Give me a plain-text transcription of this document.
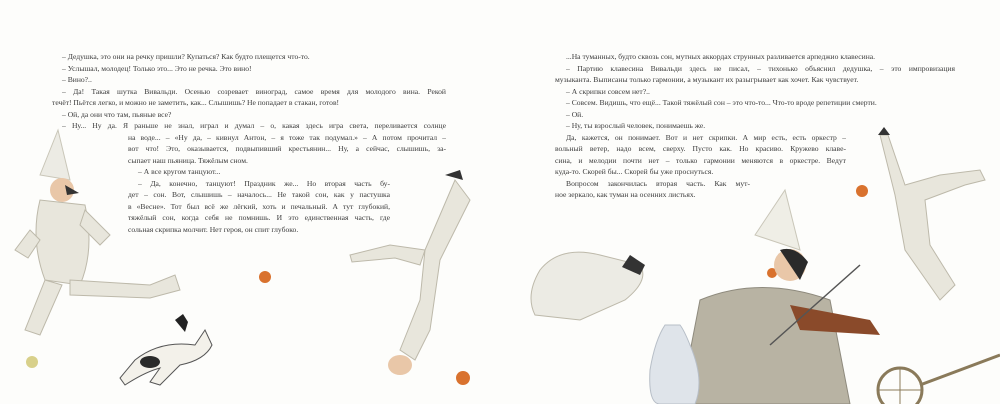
– Дедушка, это они на речку пришли? Купаться? Как будто плещется что-то.
– Услышал, молодец! Только это... Это не речка. Это вино!
– Вино?..
– Да! Такая шутка Вивальди. Осенью созревает виноград, самое время для молодого вина. Рекой
течёт! Пьётся легко, и можно не заметить, как... Слышишь? Не попадает в стакан, готов!
– Ой, да они что там, пьяные все?
– Ну... Ну да. Я раньше не знал, играл и думал – о, какая здесь игра света, переливается солнце
на воде... – «Ну да, – кивнул Антон, – я тоже так подумал.» – А потом прочитал –
вот что! Это, оказывается, подвыпивший крестьянин... Ну, а сейчас, слышишь, за-
сыпает наш пьяница. Тяжёлым сном.
– А все кругом танцуют...
– Да, конечно, танцуют! Праздник же... Но вторая часть бу-
дет – сон. Вот, слышишь – началось... Не такой сон, как у пастушка
в «Весне». Тот был всё же лёгкий, хоть и печальный. А тут глубокий,
тяжёлый сон, когда себя не помнишь. И это единственная часть, где
сольная скрипка молчит. Нет героя, он спит глубоко.
...На туманных, будто сквозь сон, мутных аккордах струнных разливается арпеджио клавесина.
– Партию клавесина Вивальди здесь не писал, – тихонько объяснил дедушка, – это импровизация
музыканта. Выписаны только гармонии, а музыкант их разыгрывает как хочет. Как чувствует.
– А скрипки совсем нет?..
– Совсем. Видишь, что ещё... Такой тяжёлый сон – это что-то... Что-то вроде репетиции смерти.
– Ой.
– Ну, ты взрослый человек, понимаешь же.
Да, кажется, он понимает. Вот и нет скрипки. А мир есть, есть оркестр –
вольный ветер, надо всем, сверху. Пусто как. Но красиво. Кружево клаве-
сина, и мелодии почти нет – только гармонии меняются в оркестре. Ведут
куда-то. Скорей бы... Скорей бы уже проснуться.
Вопросом закончилась вторая часть. Как мут-
ное зеркало, как туман на осенних листьях.
